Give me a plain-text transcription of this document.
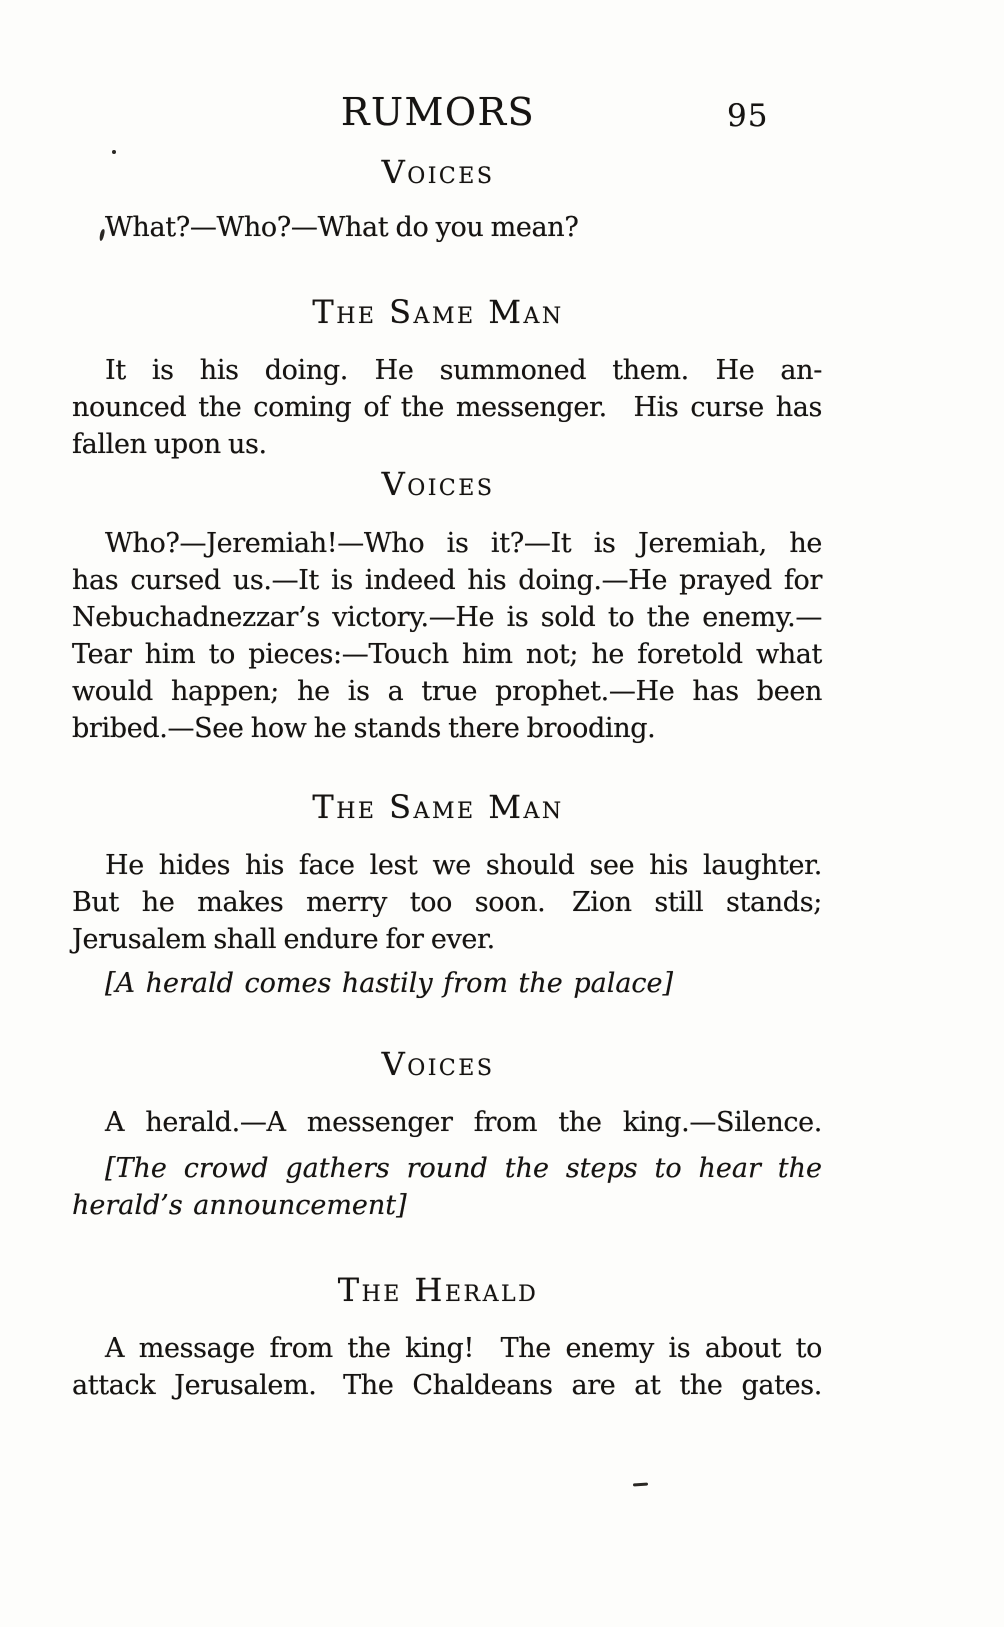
RUMORS	95
Voices
What?—Who?—What do you mean?
The Same Man
It is his doing. He summoned them. He an-
nounced the coming of the messenger. His curse has
fallen upon us.
Voices
Who?—Jeremiah!—Who is it?—It is Jeremiah, he
has cursed us.—It is indeed his doing.—He prayed for
Nebuchadnezzar’s victory.—He is sold to the enemy.—
Tear him to pieces:—Touch him not; he foretold what
would happen; he is a true prophet.—He has been
bribed.—See how he stands there brooding.
The Same Man
He hides his face lest we should see his laughter.
But he makes merry too soon. Zion still stands;
Jerusalem shall endure for ever.
[A herald comes hastily from the palace]
Voices
A herald.—A messenger from the king.—Silence.
[The crowd gathers round the steps to hear the
herald’s announcement]
The Herald
A message from the king! The enemy is about to
attack Jerusalem. The Chaldeans are at the gates.
